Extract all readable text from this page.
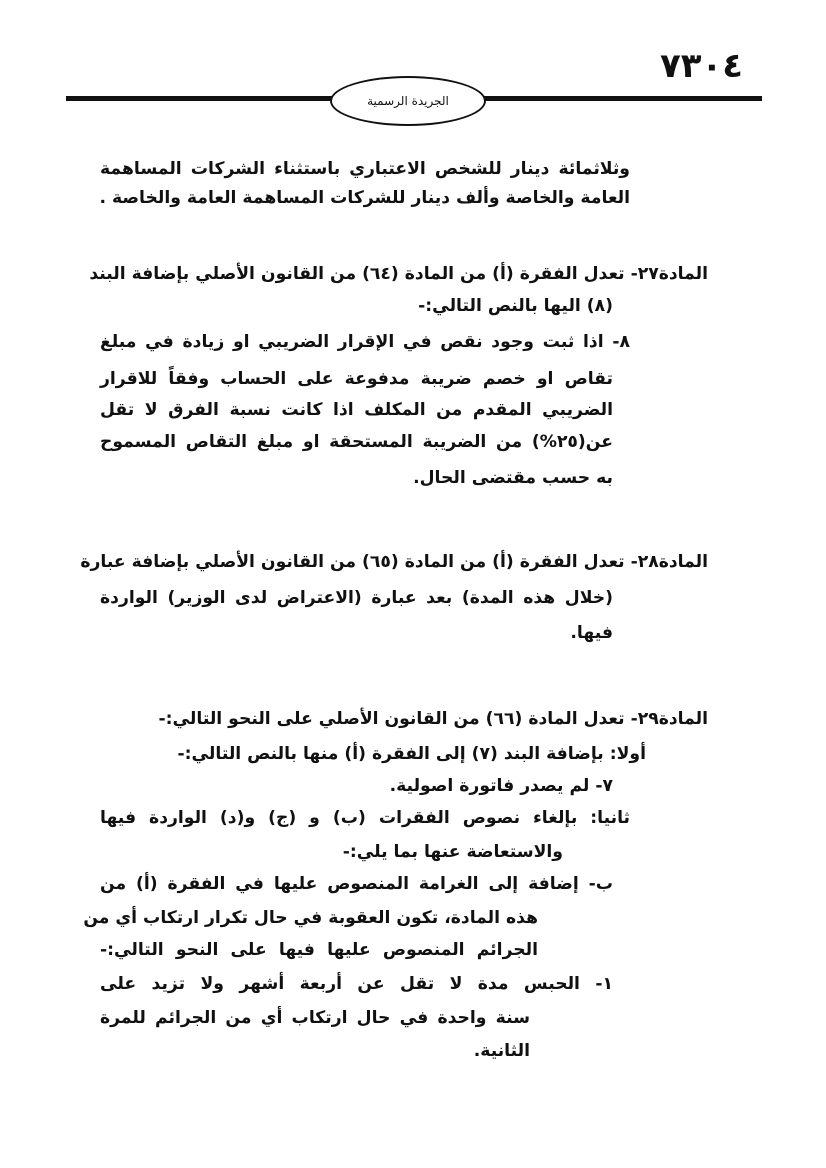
٧٣٠٤
الجريدة الرسمية
وثلاثمائة دينار للشخص الاعتباري باستثناء الشركات المساهمة
العامة والخاصة وألف دينار للشركات المساهمة العامة والخاصة .
المادة٢٧- تعدل الفقرة (أ) من المادة (٦٤) من القانون الأصلي بإضافة البند
(٨) اليها بالنص التالي:-
٨- اذا ثبت وجود نقص في الإقرار الضريبي او زيادة في مبلغ
تقاص او خصم ضريبة مدفوعة على الحساب وفقاً للاقرار
الضريبي المقدم من المكلف اذا كانت نسبة الفرق لا تقل
عن(٢٥%) من الضريبة المستحقة او مبلغ التقاص المسموح
به حسب مقتضى الحال.
المادة٢٨- تعدل الفقرة (أ) من المادة (٦٥) من القانون الأصلي بإضافة عبارة
(خلال هذه المدة) بعد عبارة (الاعتراض لدى الوزير) الواردة
فيها.
المادة٢٩- تعدل المادة (٦٦) من القانون الأصلي على النحو التالي:-
أولا: بإضافة البند (٧) إلى الفقرة (أ) منها بالنص التالي:-
٧- لم يصدر فاتورة اصولية.
ثانيا: بإلغاء نصوص الفقرات (ب) و (ج) و(د) الواردة فيها
والاستعاضة عنها بما يلي:-
ب- إضافة إلى الغرامة المنصوص عليها في الفقرة (أ) من
هذه المادة، تكون العقوبة في حال تكرار ارتكاب أي من
الجرائم المنصوص عليها فيها على النحو التالي:-
١- الحبس مدة لا تقل عن أربعة أشهر ولا تزيد على
سنة واحدة في حال ارتكاب أي من الجرائم للمرة
الثانية.
